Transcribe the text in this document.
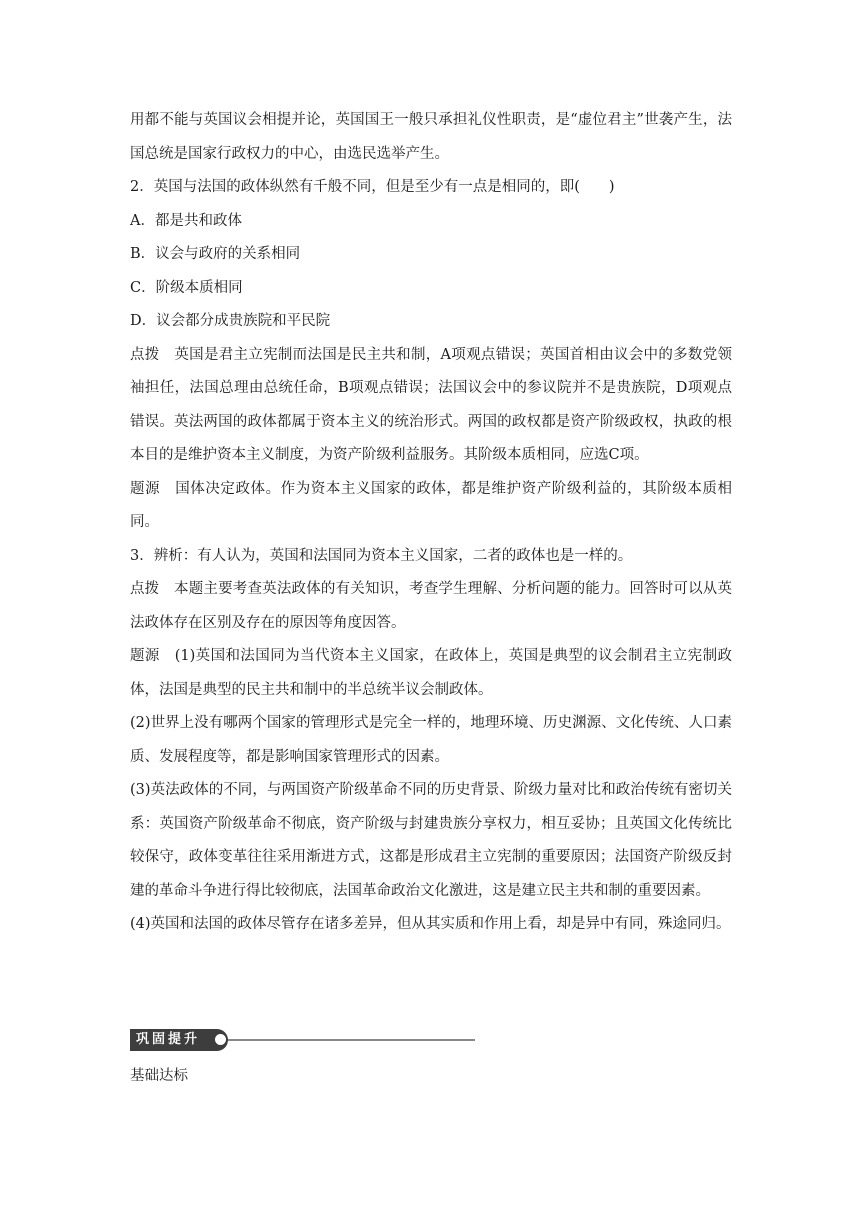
用都不能与英国议会相提并论，英国国王一般只承担礼仪性职责，是“虚位君主”世袭产生，法国总统是国家行政权力的中心，由选民选举产生。

2．英国与法国的政体纵然有千般不同，但是至少有一点是相同的，即(　　)

A．都是共和政体

B．议会与政府的关系相同

C．阶级本质相同

D．议会都分成贵族院和平民院

点拨　英国是君主立宪制而法国是民主共和制，A项观点错误；英国首相由议会中的多数党领袖担任，法国总理由总统任命，B项观点错误；法国议会中的参议院并不是贵族院，D项观点错误。英法两国的政体都属于资本主义的统治形式。两国的政权都是资产阶级政权，执政的根本目的是维护资本主义制度，为资产阶级利益服务。其阶级本质相同，应选C项。

题源　国体决定政体。作为资本主义国家的政体，都是维护资产阶级利益的，其阶级本质相同。

3．辨析：有人认为，英国和法国同为资本主义国家，二者的政体也是一样的。

点拨　本题主要考查英法政体的有关知识，考查学生理解、分析问题的能力。回答时可以从英法政体存在区别及存在的原因等角度因答。

题源　(1)英国和法国同为当代资本主义国家，在政体上，英国是典型的议会制君主立宪制政体，法国是典型的民主共和制中的半总统半议会制政体。

(2)世界上没有哪两个国家的管理形式是完全一样的，地理环境、历史渊源、文化传统、人口素质、发展程度等，都是影响国家管理形式的因素。

(3)英法政体的不同，与两国资产阶级革命不同的历史背景、阶级力量对比和政治传统有密切关系：英国资产阶级革命不彻底，资产阶级与封建贵族分享权力，相互妥协；且英国文化传统比较保守，政体变革往往采用渐进方式，这都是形成君主立宪制的重要原因；法国资产阶级反封建的革命斗争进行得比较彻底，法国革命政治文化激进，这是建立民主共和制的重要因素。

(4)英国和法国的政体尽管存在诸多差异，但从其实质和作用上看，却是异中有同，殊途同归。

巩固提升
基础达标
